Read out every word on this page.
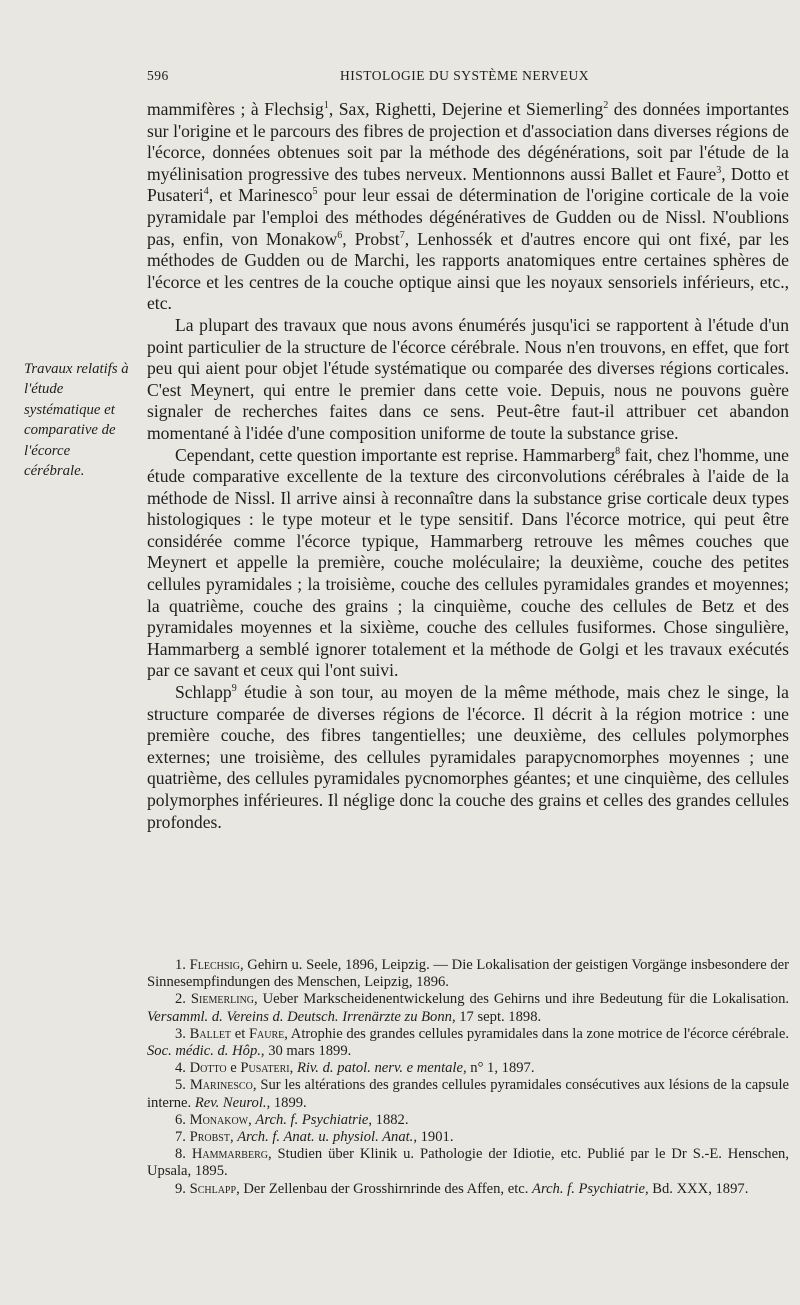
596	HISTOLOGIE DU SYSTÈME NERVEUX
Travaux relatifs à l'étude systématique et comparative de l'écorce cérébrale.

mammifères ; à Flechsig$^1$, Sax, Righetti, Dejerine et Siemerling$^2$ des données importantes sur l'origine et le parcours des fibres de projection et d'association dans diverses régions de l'écorce, données obtenues soit par la méthode des dégénérations, soit par l'étude de la myélinisation progressive des tubes nerveux. Mentionnons aussi Ballet et Faure$^3$, Dotto et Pusateri$^4$, et Marinesco$^5$ pour leur essai de détermination de l'origine corticale de la voie pyramidale par l'emploi des méthodes dégénératives de Gudden ou de Nissl. N'oublions pas, enfin, von Monakow$^6$, Probst$^7$, Lenhossék et d'autres encore qui ont fixé, par les méthodes de Gudden ou de Marchi, les rapports anatomiques entre certaines sphères de l'écorce et les centres de la couche optique ainsi que les noyaux sensoriels inférieurs, etc., etc.

La plupart des travaux que nous avons énumérés jusqu'ici se rapportent à l'étude d'un point particulier de la structure de l'écorce cérébrale. Nous n'en trouvons, en effet, que fort peu qui aient pour objet l'étude systématique ou comparée des diverses régions corticales. C'est Meynert, qui entre le premier dans cette voie. Depuis, nous ne pouvons guère signaler de recherches faites dans ce sens. Peut-être faut-il attribuer cet abandon momentané à l'idée d'une composition uniforme de toute la substance grise.

Cependant, cette question importante est reprise. Hammarberg$^8$ fait, chez l'homme, une étude comparative excellente de la texture des circonvolutions cérébrales à l'aide de la méthode de Nissl. Il arrive ainsi à reconnaître dans la substance grise corticale deux types histologiques : le type moteur et le type sensitif. Dans l'écorce motrice, qui peut être considérée comme l'écorce typique, Hammarberg retrouve les mêmes couches que Meynert et appelle la première, couche moléculaire; la deuxième, couche des petites cellules pyramidales ; la troisième, couche des cellules pyramidales grandes et moyennes; la quatrième, couche des grains ; la cinquième, couche des cellules de Betz et des pyramidales moyennes et la sixième, couche des cellules fusiformes. Chose singulière, Hammarberg a semblé ignorer totalement et la méthode de Golgi et les travaux exécutés par ce savant et ceux qui l'ont suivi.

Schlapp$^9$ étudie à son tour, au moyen de la même méthode, mais chez le singe, la structure comparée de diverses régions de l'écorce. Il décrit à la région motrice : une première couche, des fibres tangentielles; une deuxième, des cellules polymorphes externes; une troisième, des cellules pyramidales parapycnomorphes moyennes ; une quatrième, des cellules pyramidales pycnomorphes géantes; et une cinquième, des cellules polymorphes inférieures. Il néglige donc la couche des grains et celles des grandes cellules profondes.

1. Flechsig, Gehirn u. Seele, 1896, Leipzig. — Die Lokalisation der geistigen Vorgänge insbesondere der Sinnesempfindungen des Menschen, Leipzig, 1896.

2. Siemerling, Ueber Markscheidenentwickelung des Gehirns und ihre Bedeutung für die Lokalisation. Versamml. d. Vereins d. Deutsch. Irrenärzte zu Bonn, 17 sept. 1898.

3. Ballet et Faure, Atrophie des grandes cellules pyramidales dans la zone motrice de l'écorce cérébrale. Soc. médic. d. Hôp., 30 mars 1899.

4. Dotto e Pusateri, Riv. d. patol. nerv. e mentale, n° 1, 1897.

5. Marinesco, Sur les altérations des grandes cellules pyramidales consécutives aux lésions de la capsule interne. Rev. Neurol., 1899.

6. Monakow, Arch. f. Psychiatrie, 1882.

7. Probst, Arch. f. Anat. u. physiol. Anat., 1901.

8. Hammarberg, Studien über Klinik u. Pathologie der Idiotie, etc. Publié par le Dr S.-E. Henschen, Upsala, 1895.

9. Schlapp, Der Zellenbau der Grosshirnrinde des Affen, etc. Arch. f. Psychiatrie, Bd. XXX, 1897.
